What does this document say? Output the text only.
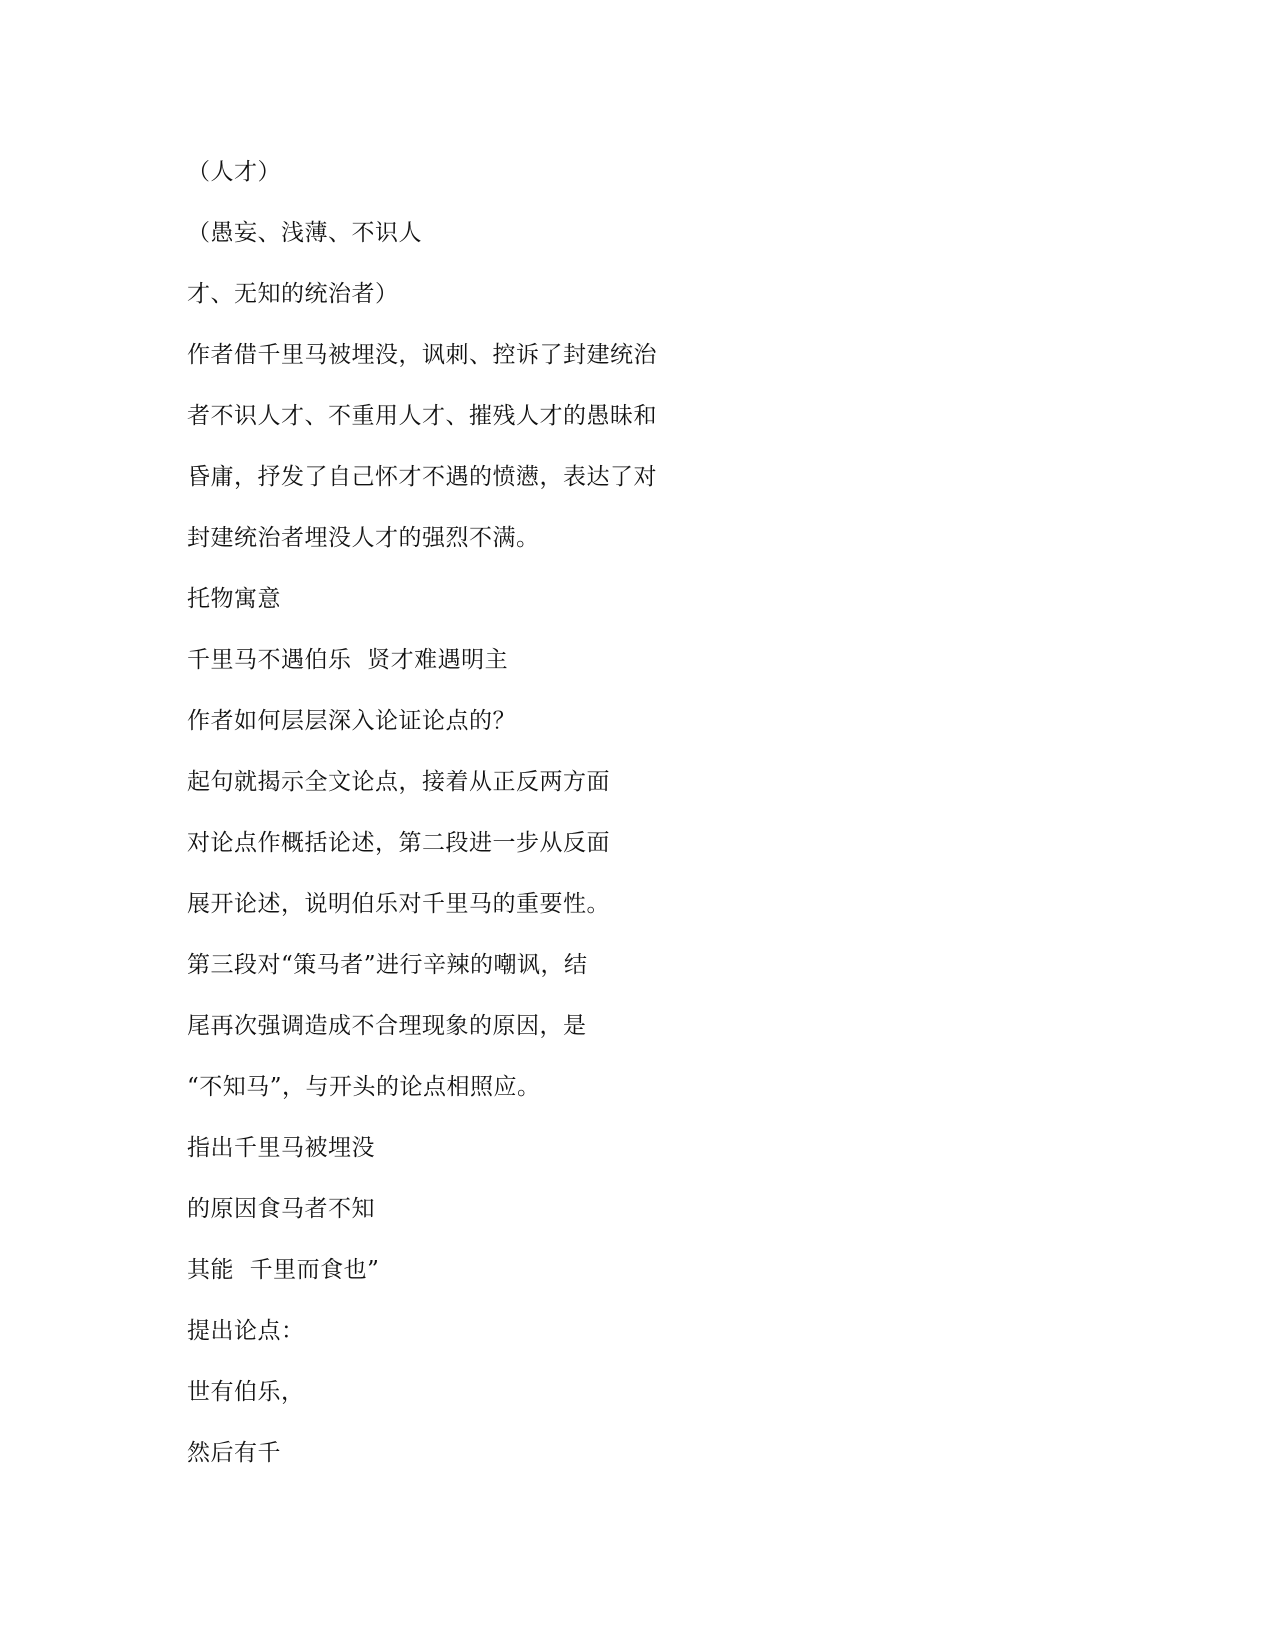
（人才）
（愚妄、浅薄、不识人
才、无知的统治者）
作者借千里马被埋没，讽刺、控诉了封建统治
者不识人才、不重用人才、摧残人才的愚昧和
昏庸，抒发了自己怀才不遇的愤懑，表达了对
封建统治者埋没人才的强烈不满。
托物寓意
千里马不遇伯乐  贤才难遇明主
作者如何层层深入论证论点的？
起句就揭示全文论点，接着从正反两方面
对论点作概括论述，第二段进一步从反面
展开论述，说明伯乐对千里马的重要性。
第三段对“策马者”进行辛辣的嘲讽，结
尾再次强调造成不合理现象的原因，是
“不知马”，与开头的论点相照应。
指出千里马被埋没
的原因食马者不知
其能  千里而食也”
提出论点：
世有伯乐，
然后有千
